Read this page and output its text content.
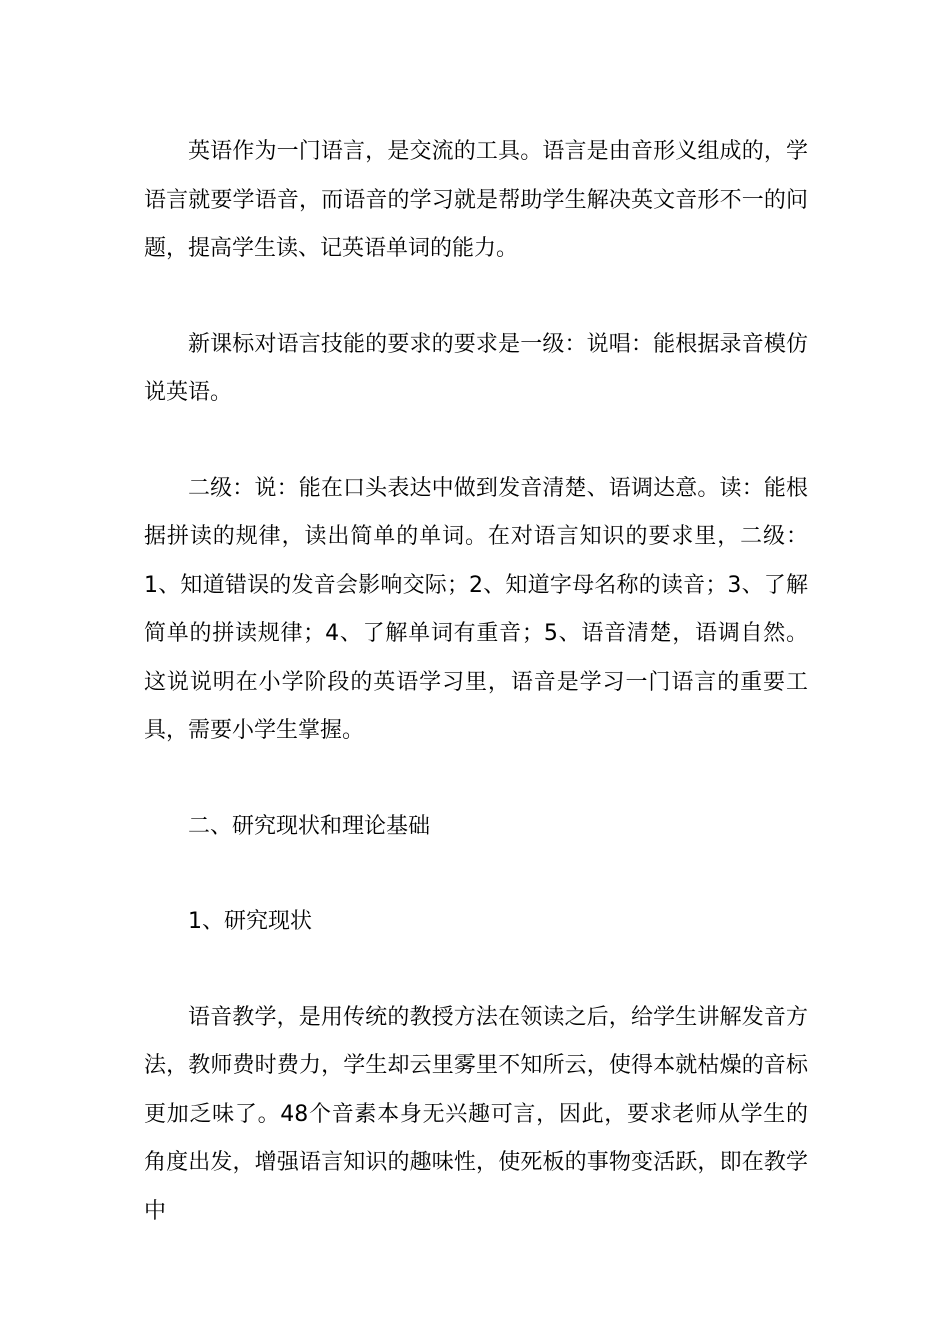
英语作为一门语言，是交流的工具。语言是由音形义组成的，学语言就要学语音，而语音的学习就是帮助学生解决英文音形不一的问题，提高学生读、记英语单词的能力。

新课标对语言技能的要求的要求是一级：说唱：能根据录音模仿说英语。

二级：说：能在口头表达中做到发音清楚、语调达意。读：能根据拼读的规律，读出简单的单词。在对语言知识的要求里，二级：1、知道错误的发音会影响交际；2、知道字母名称的读音；3、了解简单的拼读规律；4、了解单词有重音；5、语音清楚，语调自然。这说说明在小学阶段的英语学习里，语音是学习一门语言的重要工具，需要小学生掌握。

二、研究现状和理论基础

1、研究现状

语音教学，是用传统的教授方法在领读之后，给学生讲解发音方法，教师费时费力，学生却云里雾里不知所云，使得本就枯燥的音标更加乏味了。48个音素本身无兴趣可言，因此，要求老师从学生的角度出发，增强语言知识的趣味性，使死板的事物变活跃，即在教学中
